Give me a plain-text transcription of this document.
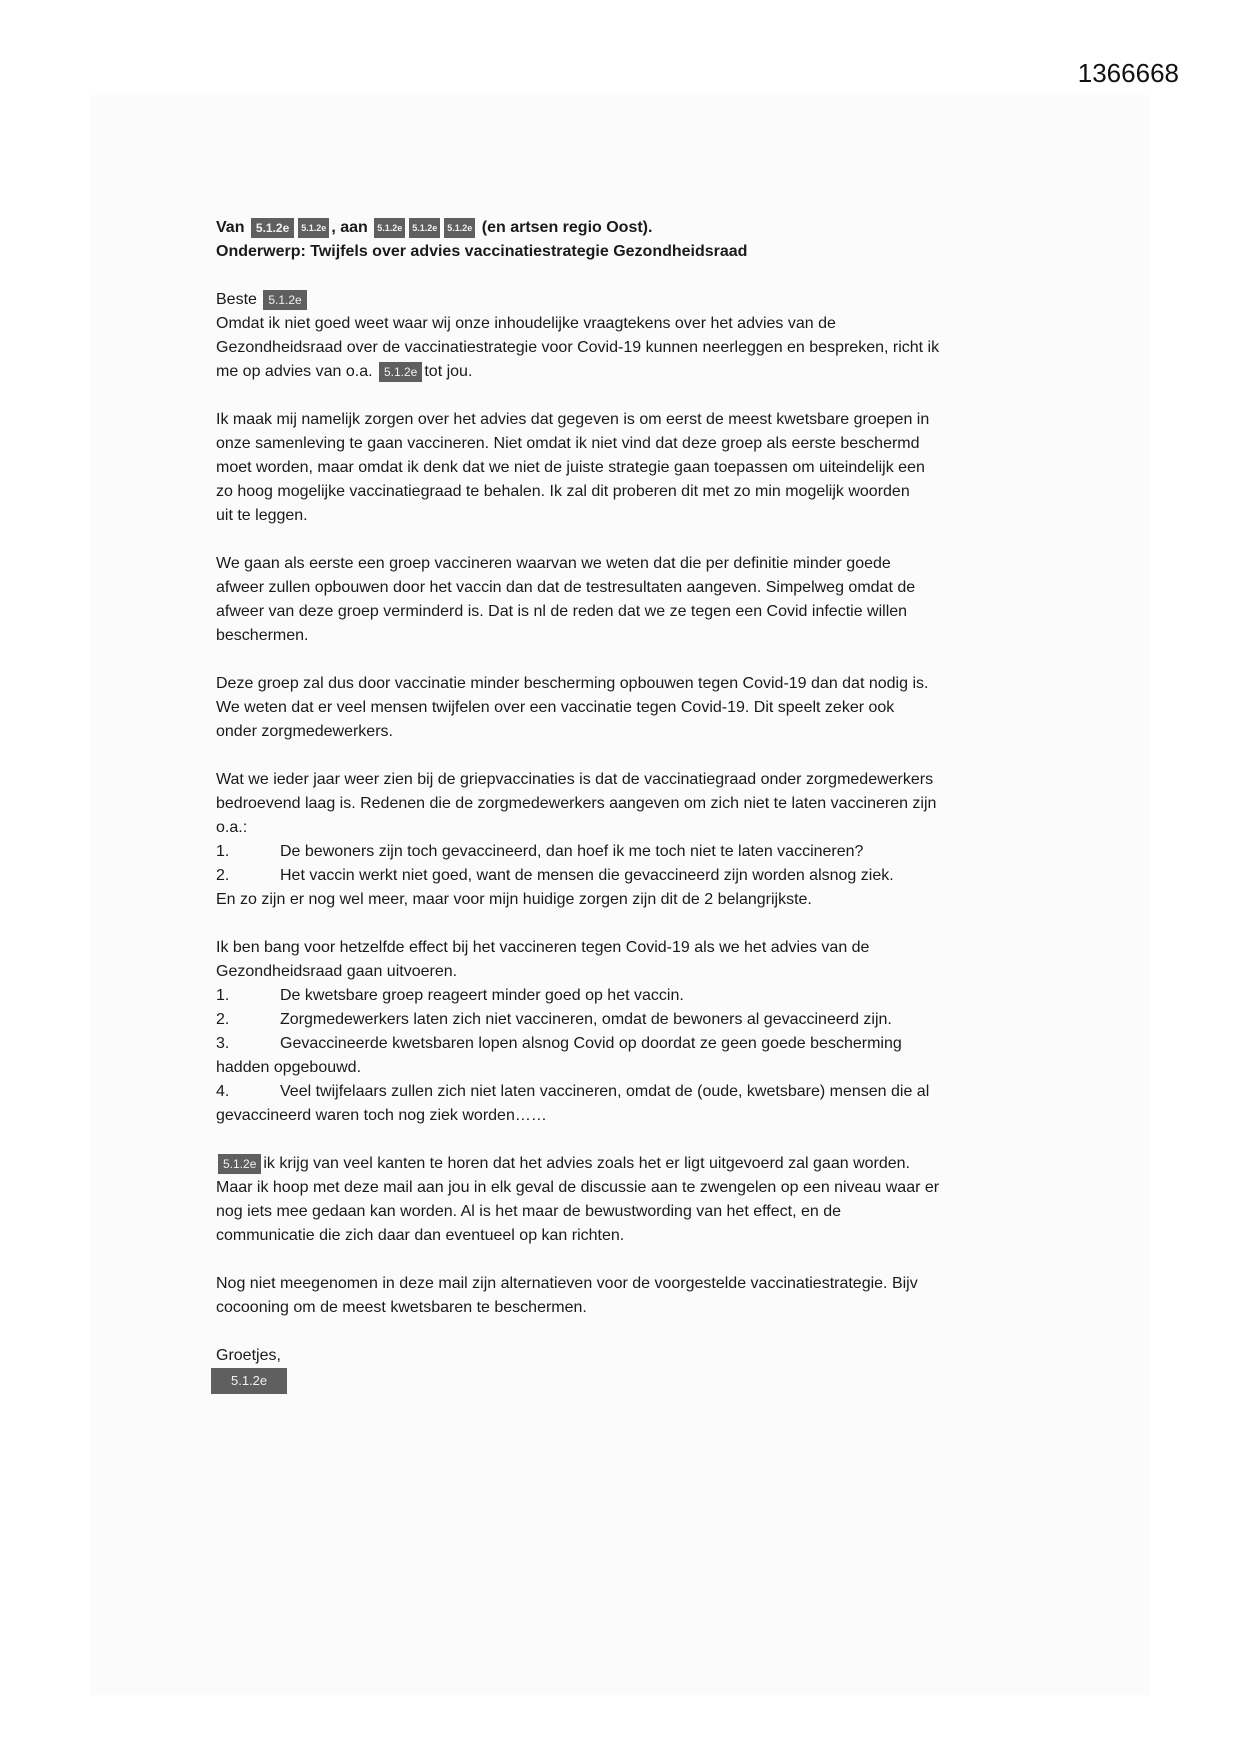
1366668
Van 5.1.2e 5.1.2e , aan 5.1.2e 5.1.2e 5.1.2e (en artsen regio Oost).
Onderwerp: Twijfels over advies vaccinatiestrategie Gezondheidsraad
Beste 5.1.2e
Omdat ik niet goed weet waar wij onze inhoudelijke vraagtekens over het advies van de
Gezondheidsraad over de vaccinatiestrategie voor Covid-19 kunnen neerleggen en bespreken, richt ik
me op advies van o.a. 5.1.2e tot jou.
Ik maak mij namelijk zorgen over het advies dat gegeven is om eerst de meest kwetsbare groepen in
onze samenleving te gaan vaccineren. Niet omdat ik niet vind dat deze groep als eerste beschermd
moet worden, maar omdat ik denk dat we niet de juiste strategie gaan toepassen om uiteindelijk een
zo hoog mogelijke vaccinatiegraad te behalen. Ik zal dit proberen dit met zo min mogelijk woorden
uit te leggen.
We gaan als eerste een groep vaccineren waarvan we weten dat die per definitie minder goede
afweer zullen opbouwen door het vaccin dan dat de testresultaten aangeven. Simpelweg omdat de
afweer van deze groep verminderd is. Dat is nl de reden dat we ze tegen een Covid infectie willen
beschermen.
Deze groep zal dus door vaccinatie minder bescherming opbouwen tegen Covid-19 dan dat nodig is.
We weten dat er veel mensen twijfelen over een vaccinatie tegen Covid-19. Dit speelt zeker ook
onder zorgmedewerkers.
Wat we ieder jaar weer zien bij de griepvaccinaties is dat de vaccinatiegraad onder zorgmedewerkers
bedroevend laag is. Redenen die de zorgmedewerkers aangeven om zich niet te laten vaccineren zijn
o.a.:
1.	De bewoners zijn toch gevaccineerd, dan hoef ik me toch niet te laten vaccineren?
2.	Het vaccin werkt niet goed, want de mensen die gevaccineerd zijn worden alsnog ziek.
En zo zijn er nog wel meer, maar voor mijn huidige zorgen zijn dit de 2 belangrijkste.
Ik ben bang voor hetzelfde effect bij het vaccineren tegen Covid-19 als we het advies van de
Gezondheidsraad gaan uitvoeren.
1.	De kwetsbare groep reageert minder goed op het vaccin.
2.	Zorgmedewerkers laten zich niet vaccineren, omdat de bewoners al gevaccineerd zijn.
3.	Gevaccineerde kwetsbaren lopen alsnog Covid op doordat ze geen goede bescherming
hadden opgebouwd.
4.	Veel twijfelaars zullen zich niet laten vaccineren, omdat de (oude, kwetsbare) mensen die al
gevaccineerd waren toch nog ziek worden……
5.1.2e ik krijg van veel kanten te horen dat het advies zoals het er ligt uitgevoerd zal gaan worden.
Maar ik hoop met deze mail aan jou in elk geval de discussie aan te zwengelen op een niveau waar er
nog iets mee gedaan kan worden. Al is het maar de bewustwording van het effect, en de
communicatie die zich daar dan eventueel op kan richten.
Nog niet meegenomen in deze mail zijn alternatieven voor de voorgestelde vaccinatiestrategie. Bijv
cocooning om de meest kwetsbaren te beschermen.
Groetjes,
5.1.2e
